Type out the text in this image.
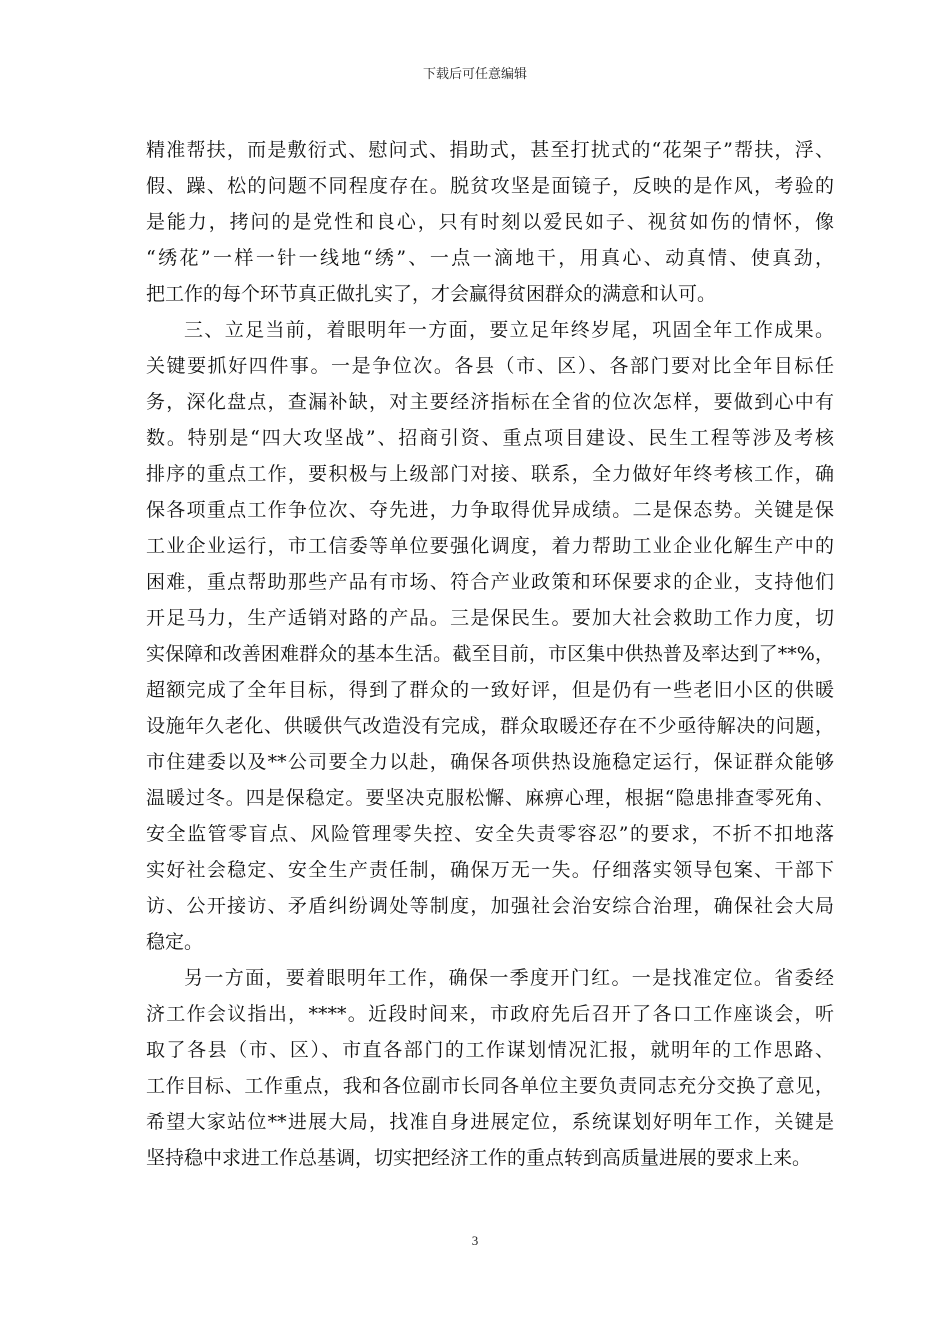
下载后可任意编辑
精准帮扶，而是敷衍式、慰问式、捐助式，甚至打扰式的“花架子”帮扶，浮、
假、躁、松的问题不同程度存在。脱贫攻坚是面镜子，反映的是作风，考验的
是能力，拷问的是党性和良心，只有时刻以爱民如子、视贫如伤的情怀，像
“绣花”一样一针一线地“绣”、一点一滴地干，用真心、动真情、使真劲，
把工作的每个环节真正做扎实了，才会赢得贫困群众的满意和认可。
三、立足当前，着眼明年一方面，要立足年终岁尾，巩固全年工作成果。
关键要抓好四件事。一是争位次。各县（市、区）、各部门要对比全年目标任
务，深化盘点，查漏补缺，对主要经济指标在全省的位次怎样，要做到心中有
数。特别是“四大攻坚战”、招商引资、重点项目建设、民生工程等涉及考核
排序的重点工作，要积极与上级部门对接、联系，全力做好年终考核工作，确
保各项重点工作争位次、夺先进，力争取得优异成绩。二是保态势。关键是保
工业企业运行，市工信委等单位要强化调度，着力帮助工业企业化解生产中的
困难，重点帮助那些产品有市场、符合产业政策和环保要求的企业，支持他们
开足马力，生产适销对路的产品。三是保民生。要加大社会救助工作力度，切
实保障和改善困难群众的基本生活。截至目前，市区集中供热普及率达到了**%，
超额完成了全年目标，得到了群众的一致好评，但是仍有一些老旧小区的供暖
设施年久老化、供暖供气改造没有完成，群众取暖还存在不少亟待解决的问题，
市住建委以及**公司要全力以赴，确保各项供热设施稳定运行，保证群众能够
温暖过冬。四是保稳定。要坚决克服松懈、麻痹心理，根据“隐患排查零死角、
安全监管零盲点、风险管理零失控、安全失责零容忍”的要求，不折不扣地落
实好社会稳定、安全生产责任制，确保万无一失。仔细落实领导包案、干部下
访、公开接访、矛盾纠纷调处等制度，加强社会治安综合治理，确保社会大局
稳定。
另一方面，要着眼明年工作，确保一季度开门红。一是找准定位。省委经
济工作会议指出，****。近段时间来，市政府先后召开了各口工作座谈会，听
取了各县（市、区）、市直各部门的工作谋划情况汇报，就明年的工作思路、
工作目标、工作重点，我和各位副市长同各单位主要负责同志充分交换了意见，
希望大家站位**进展大局，找准自身进展定位，系统谋划好明年工作，关键是
坚持稳中求进工作总基调，切实把经济工作的重点转到高质量进展的要求上来。
3
